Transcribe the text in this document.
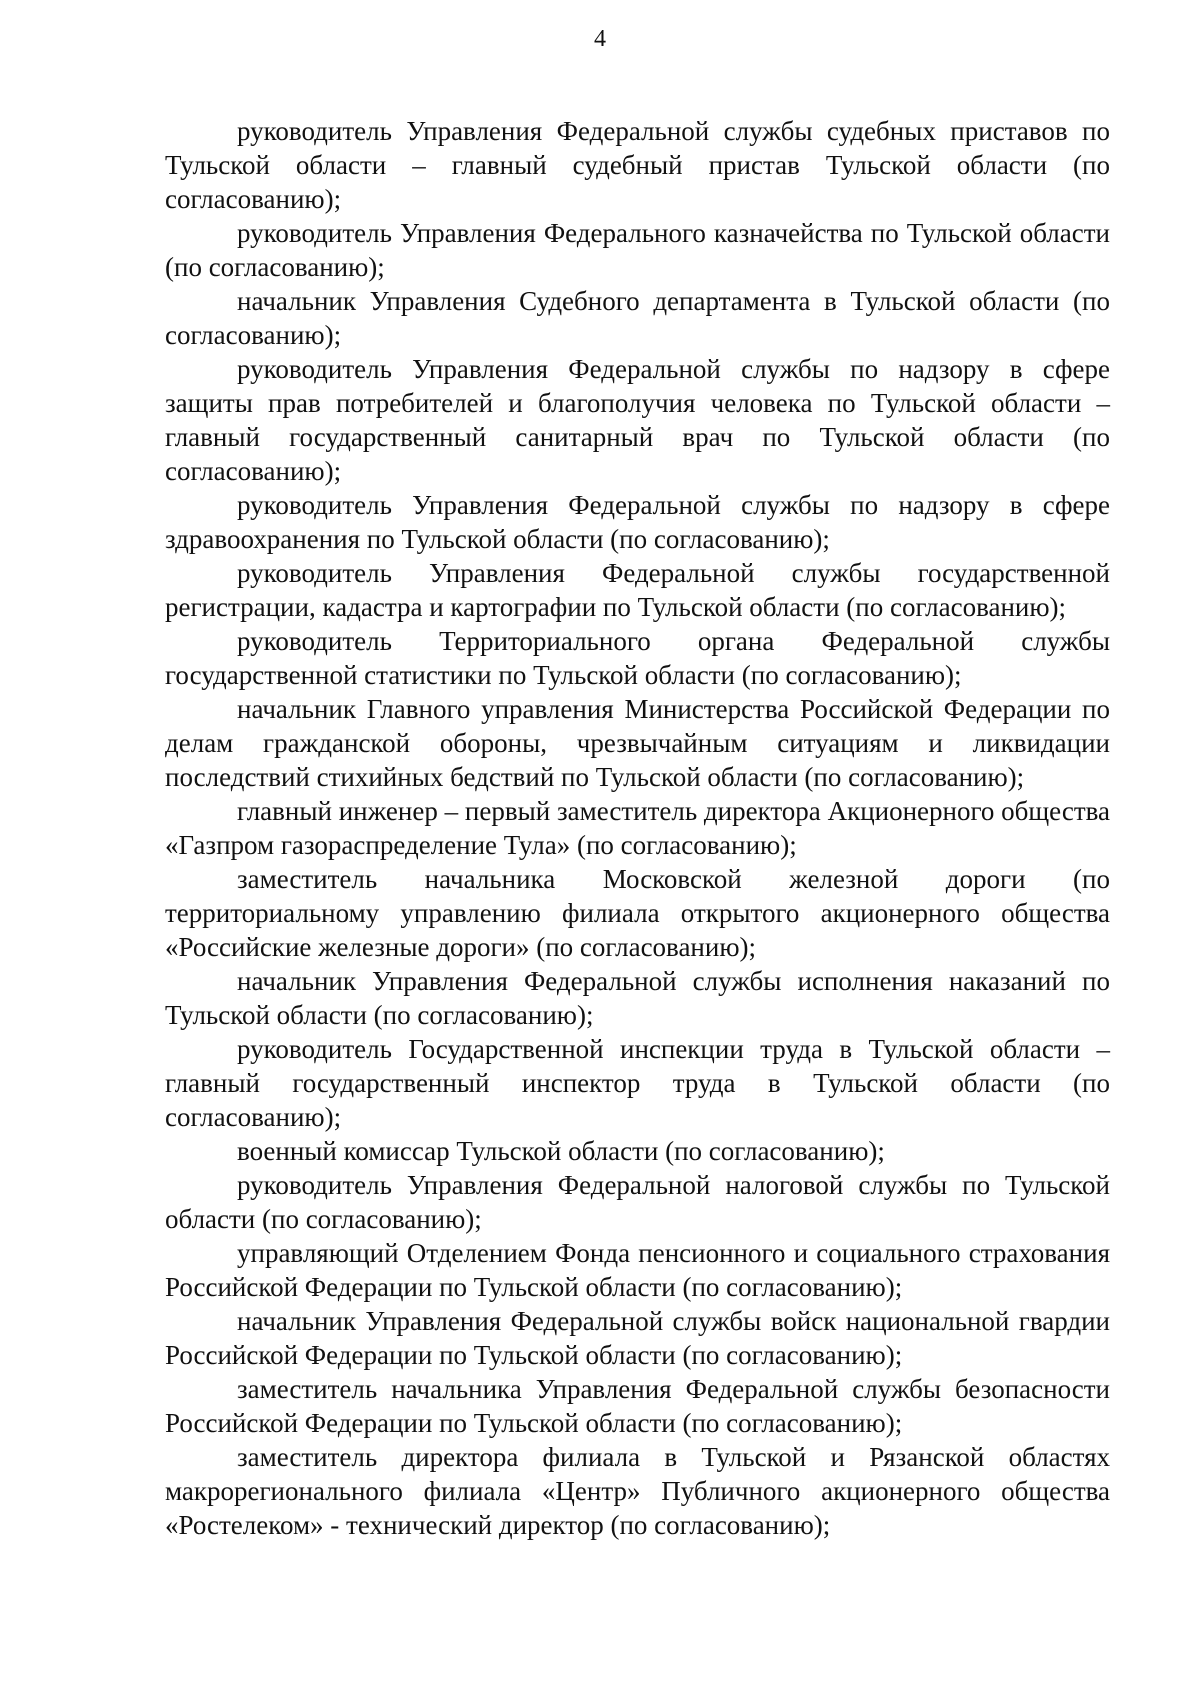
4

руководитель Управления Федеральной службы судебных приставов по Тульской области – главный судебный пристав Тульской области (по согласованию);

руководитель Управления Федерального казначейства по Тульской области (по согласованию);

начальник Управления Судебного департамента в Тульской области (по согласованию);

руководитель Управления Федеральной службы по надзору в сфере защиты прав потребителей и благополучия человека по Тульской области – главный государственный санитарный врач по Тульской области (по согласованию);

руководитель Управления Федеральной службы по надзору в сфере здравоохранения по Тульской области (по согласованию);

руководитель Управления Федеральной службы государственной регистрации, кадастра и картографии по Тульской области (по согласованию);

руководитель Территориального органа Федеральной службы государственной статистики по Тульской области (по согласованию);

начальник Главного управления Министерства Российской Федерации по делам гражданской обороны, чрезвычайным ситуациям и ликвидации последствий стихийных бедствий по Тульской области (по согласованию);

главный инженер – первый заместитель директора Акционерного общества «Газпром газораспределение Тула» (по согласованию);

заместитель начальника Московской железной дороги (по территориальному управлению филиала открытого акционерного общества «Российские железные дороги» (по согласованию);

начальник Управления Федеральной службы исполнения наказаний по Тульской области (по согласованию);

руководитель Государственной инспекции труда в Тульской области – главный государственный инспектор труда в Тульской области (по согласованию);

военный комиссар Тульской области (по согласованию);

руководитель Управления Федеральной налоговой службы по Тульской области (по согласованию);

управляющий Отделением Фонда пенсионного и социального страхования Российской Федерации по Тульской области (по согласованию);

начальник Управления Федеральной службы войск национальной гвардии Российской Федерации по Тульской области (по согласованию);

заместитель начальника Управления Федеральной службы безопасности Российской Федерации по Тульской области (по согласованию);

заместитель директора филиала в Тульской и Рязанской областях макрорегионального филиала «Центр» Публичного акционерного общества «Ростелеком» - технический директор (по согласованию);
